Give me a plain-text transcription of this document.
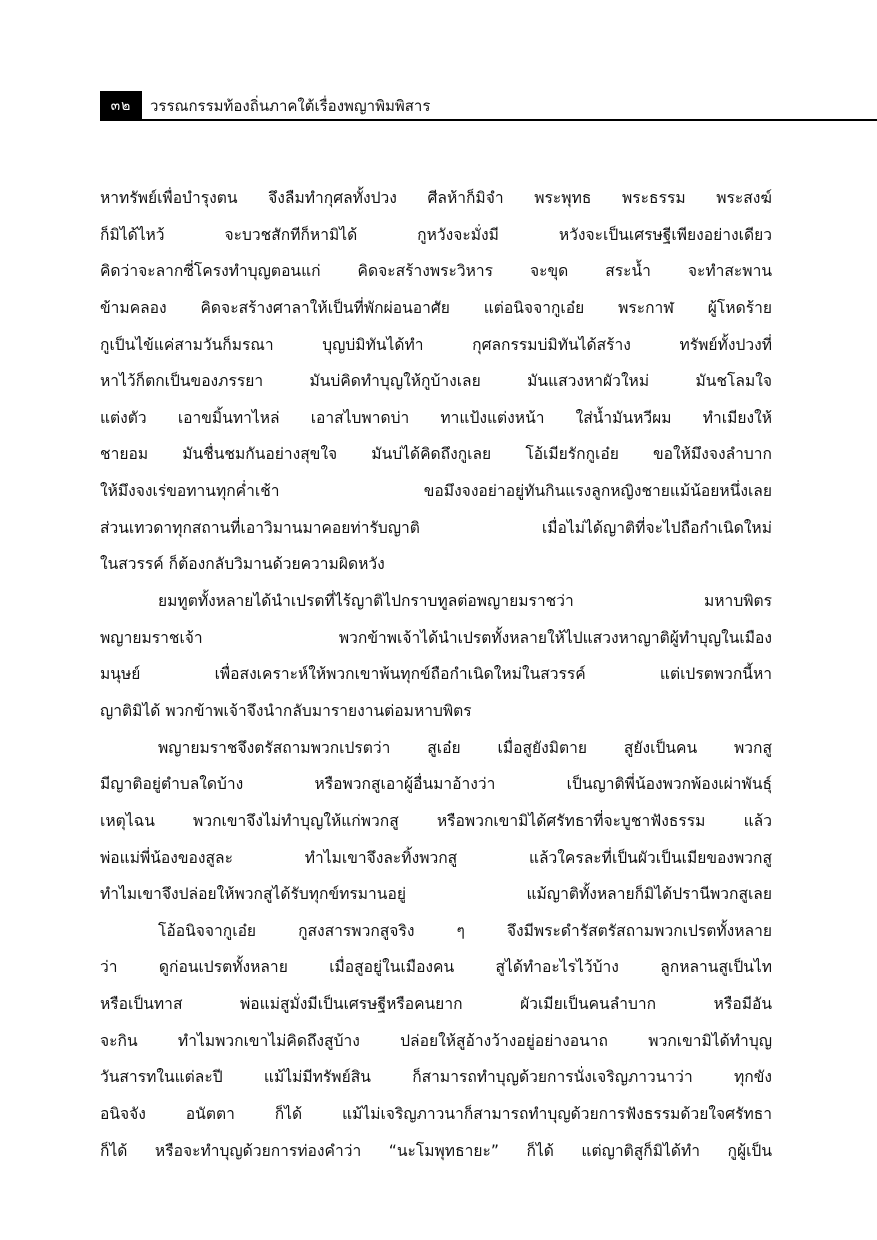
๓๒	วรรณกรรมท้องถิ่นภาคใต้เรื่องพญาพิมพิสาร
หาทรัพย์เพื่อบำรุงตน จึงลืมทำกุศลทั้งปวง ศีลห้าก็มิจำ พระพุทธ พระธรรม พระสงฆ์
ก็มิได้ไหว้ จะบวชสักทีก็หามิได้ กูหวังจะมั่งมี หวังจะเป็นเศรษฐีเพียงอย่างเดียว
คิดว่าจะลากซี่โครงทำบุญตอนแก่ คิดจะสร้างพระวิหาร จะขุด สระน้ำ จะทำสะพาน
ข้ามคลอง คิดจะสร้างศาลาให้เป็นที่พักผ่อนอาศัย แต่อนิจจากูเอ๋ย พระกาฬ ผู้โหดร้าย
กูเป็นไข้แค่สามวันก็มรณา บุญบ่มิทันได้ทำ กุศลกรรมบ่มิทันได้สร้าง ทรัพย์ทั้งปวงที่
หาไว้ก็ตกเป็นของภรรยา มันบ่คิดทำบุญให้กูบ้างเลย มันแสวงหาผัวใหม่ มันชโลมใจ
แต่งตัว เอาขมิ้นทาไหล่ เอาสไบพาดบ่า ทาแป้งแต่งหน้า ใส่น้ำมันหวีผม ทำเมียงให้
ชายอม มันชื่นชมกันอย่างสุขใจ มันบ่ได้คิดถึงกูเลย โอ้เมียรักกูเอ๋ย ขอให้มึงจงลำบาก
ให้มึงจงเร่ขอทานทุกค่ำเช้า ขอมึงจงอย่าอยู่ทันกินแรงลูกหญิงชายแม้น้อยหนึ่งเลย
ส่วนเทวดาทุกสถานที่เอาวิมานมาคอยท่ารับญาติ เมื่อไม่ได้ญาติที่จะไปถือกำเนิดใหม่
ในสวรรค์ ก็ต้องกลับวิมานด้วยความผิดหวัง
ยมทูตทั้งหลายได้นำเปรตที่ไร้ญาติไปกราบทูลต่อพญายมราชว่า มหาบพิตร
พญายมราชเจ้า พวกข้าพเจ้าได้นำเปรตทั้งหลายให้ไปแสวงหาญาติผู้ทำบุญในเมือง
มนุษย์ เพื่อสงเคราะห์ให้พวกเขาพ้นทุกข์ถือกำเนิดใหม่ในสวรรค์ แต่เปรตพวกนี้หา
ญาติมิได้ พวกข้าพเจ้าจึงนำกลับมารายงานต่อมหาบพิตร
พญายมราชจึงตรัสถามพวกเปรตว่า สูเอ๋ย เมื่อสูยังมิตาย สูยังเป็นคน พวกสู
มีญาติอยู่ตำบลใดบ้าง หรือพวกสูเอาผู้อื่นมาอ้างว่า เป็นญาติพี่น้องพวกพ้องเผ่าพันธุ์
เหตุไฉน พวกเขาจึงไม่ทำบุญให้แก่พวกสู หรือพวกเขามิได้ศรัทธาที่จะบูชาฟังธรรม แล้ว
พ่อแม่พี่น้องของสูละ ทำไมเขาจึงละทิ้งพวกสู แล้วใครละที่เป็นผัวเป็นเมียของพวกสู
ทำไมเขาจึงปล่อยให้พวกสูได้รับทุกข์ทรมานอยู่ แม้ญาติทั้งหลายก็มิได้ปรานีพวกสูเลย
โอ้อนิจจากูเอ๋ย กูสงสารพวกสูจริง ๆ จึงมีพระดำรัสตรัสถามพวกเปรตทั้งหลาย
ว่า ดูก่อนเปรตทั้งหลาย เมื่อสูอยู่ในเมืองคน สูได้ทำอะไรไว้บ้าง ลูกหลานสูเป็นไท
หรือเป็นทาส พ่อแม่สูมั่งมีเป็นเศรษฐีหรือคนยาก ผัวเมียเป็นคนลำบาก หรือมีอัน
จะกิน ทำไมพวกเขาไม่คิดถึงสูบ้าง ปล่อยให้สูอ้างว้างอยู่อย่างอนาถ พวกเขามิได้ทำบุญ
วันสารทในแต่ละปี แม้ไม่มีทรัพย์สิน ก็สามารถทำบุญด้วยการนั่งเจริญภาวนาว่า ทุกขัง
อนิจจัง อนัตตา ก็ได้ แม้ไม่เจริญภาวนาก็สามารถทำบุญด้วยการฟังธรรมด้วยใจศรัทธา
ก็ได้ หรือจะทำบุญด้วยการท่องคำว่า “นะโมพุทธายะ” ก็ได้ แต่ญาติสูก็มิได้ทำ กูผู้เป็น
